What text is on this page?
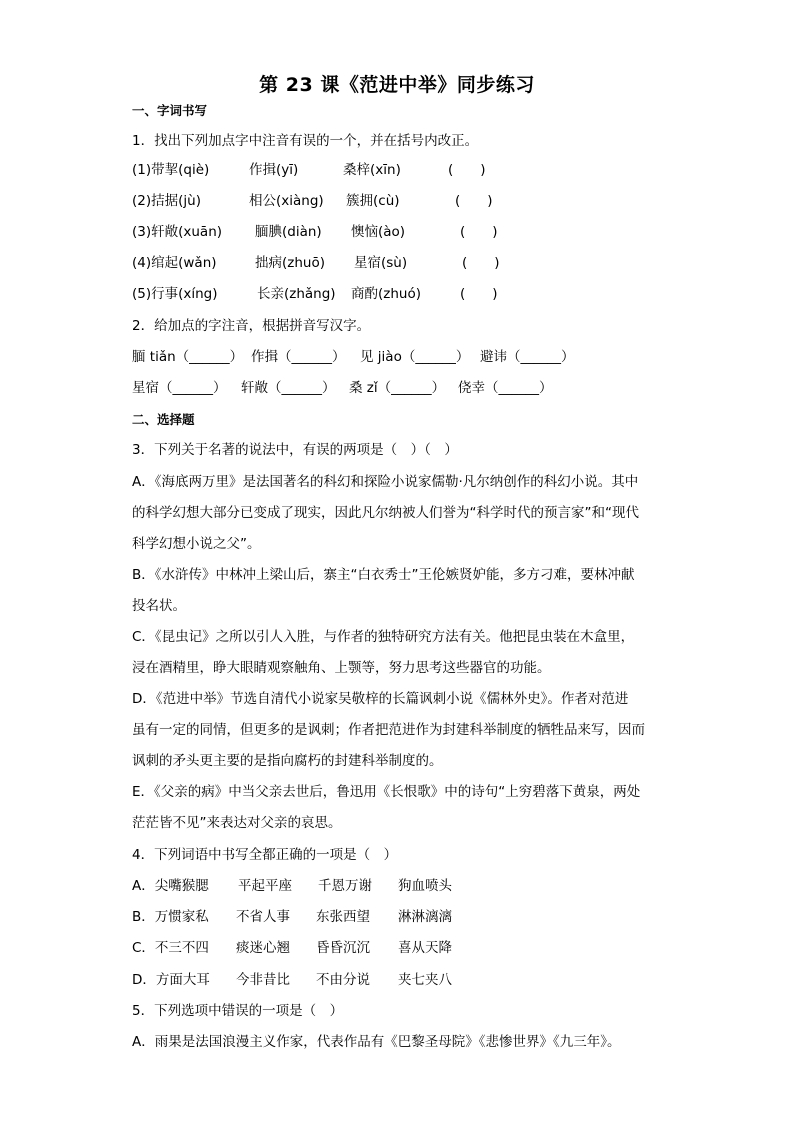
第 23 课《范进中举》同步练习
一、字词书写
1．找出下列加点字中注音有误的一个，并在括号内改正。
(1)带挈(qiè)	作揖(yī)	桑梓(xīn)	(　　)
(2)拮据(jù)	相公(xiàng) 簇拥(cù)	(　　)
(3)轩敞(xuān) 腼腆(diàn) 懊恼(ào)	(　　)
(4)绾起(wǎn)	拙病(zhuō) 星宿(sù)	(　　)
(5)行事(xíng)	长亲(zhǎng) 商酌(zhuó)	(　　)
2．给加点的字注音，根据拼音写汉字。
腼 tiǎn（______） 作揖（______） 见 jiào（______） 避讳（______）
星宿（______） 轩敞（______） 桑 zǐ（______） 侥幸（______）
二、选择题
3．下列关于名著的说法中，有误的两项是（　）（　）
A．《海底两万里》是法国著名的科幻和探险小说家儒勒·凡尔纳创作的科幻小说。其中
的科学幻想大部分已变成了现实，因此凡尔纳被人们誉为“科学时代的预言家”和“现代
科学幻想小说之父”。
B．《水浒传》中林冲上梁山后，寨主“白衣秀士”王伦嫉贤妒能，多方刁难，要林冲献
投名状。
C．《昆虫记》之所以引人入胜，与作者的独特研究方法有关。他把昆虫装在木盒里，
浸在酒精里，睁大眼睛观察触角、上颚等，努力思考这些器官的功能。
D．《范进中举》节选自清代小说家吴敬梓的长篇讽刺小说《儒林外史》。作者对范进
虽有一定的同情，但更多的是讽刺；作者把范进作为封建科举制度的牺牲品来写，因而
讽刺的矛头更主要的是指向腐朽的封建科举制度的。
E．《父亲的病》中当父亲去世后，鲁迅用《长恨歌》中的诗句“上穷碧落下黄泉，两处
茫茫皆不见”来表达对父亲的哀思。
4．下列词语中书写全都正确的一项是（　）
A．尖嘴猴腮 平起平座 千恩万谢 狗血喷头
B．万惯家私 不省人事 东张西望 淋淋漓漓
C．不三不四 痰迷心翘 昏昏沉沉 喜从天降
D．方面大耳 今非昔比 不由分说 夹七夹八
5．下列选项中错误的一项是（　）
A．雨果是法国浪漫主义作家，代表作品有《巴黎圣母院》《悲惨世界》《九三年》。
